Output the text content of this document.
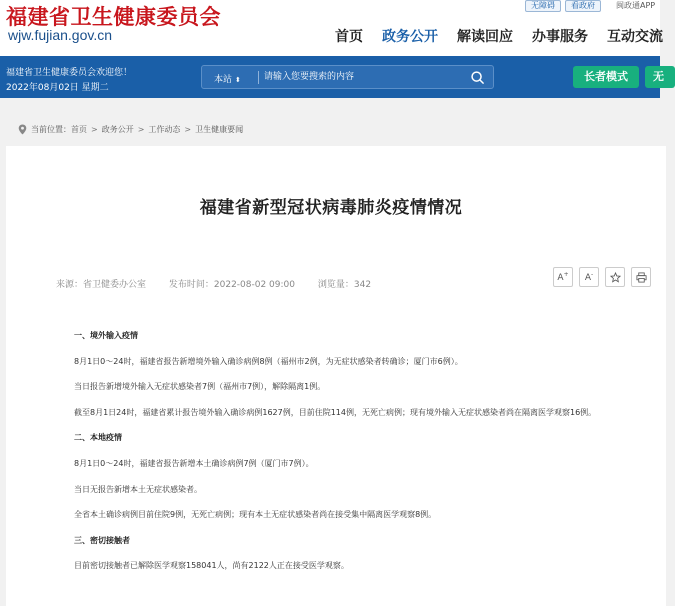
福建省卫生健康委员会
wjw.fujian.gov.cn
无障碍	看政府	闽政通APP
首页 政务公开 解读回应 办事服务 互动交流
福建省卫生健康委员会欢迎您！
2022年08月02日 星期二
本站 ⬍
请输入您要搜索的内容	长者模式	无
当前位置： 首页 > 政务公开 > 工作动态 > 卫生健康要闻
福建省新型冠状病毒肺炎疫情情况
来源：省卫健委办公室	发布时间：2022-08-02 09:00	浏览量：342
A+ A-
一、境外输入疫情
8月1日0～24时，福建省报告新增境外输入确诊病例8例（福州市2例，为无症状感染者转确诊；厦门市6例）。
当日报告新增境外输入无症状感染者7例（福州市7例），解除隔离1例。
截至8月1日24时，福建省累计报告境外输入确诊病例1627例，目前住院114例，无死亡病例；现有境外输入无症状感染者尚在隔离医学观察16例。
二、本地疫情
8月1日0～24时，福建省报告新增本土确诊病例7例（厦门市7例）。
当日无报告新增本土无症状感染者。
全省本土确诊病例目前住院9例，无死亡病例；现有本土无症状感染者尚在接受集中隔离医学观察8例。
三、密切接触者
目前密切接触者已解除医学观察158041人，尚有2122人正在接受医学观察。
